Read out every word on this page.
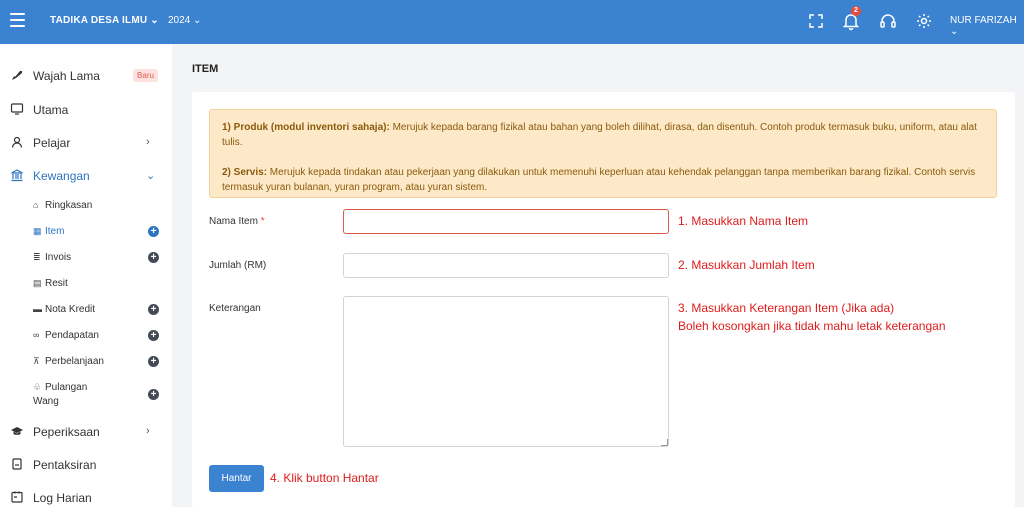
TADIKA DESA ILMU ⌄ 2024 ⌄
2
NUR FARIZAH ⌄
Wajah Lama	Baru
Utama
Pelajar	›
Kewangan	⌄
⌂ Ringkasan
▦ Item	+
≣ Invois	+
▤ Resit
▬ Nota Kredit	+
∞ Pendapatan	+
⊼ Perbelanjaan	+
♧ Pulangan
Wang
+
Peperiksaan	›
Pentaksiran
Log Harian
ITEM

1) Produk (modul inventori sahaja): Merujuk kepada barang fizikal atau bahan yang boleh dilihat, dirasa, dan disentuh. Contoh produk termasuk buku, uniform, atau alat tulis.

2) Servis: Merujuk kepada tindakan atau pekerjaan yang dilakukan untuk memenuhi keperluan atau kehendak pelanggan tanpa memberikan barang fizikal. Contoh servis termasuk yuran bulanan, yuran program, atau yuran sistem.

Nama Item *	1. Masukkan Nama Item
Jumlah (RM)	2. Masukkan Jumlah Item
Keterangan	3. Masukkan Keterangan Item (Jika ada)
Boleh kosongkan jika tidak mahu letak keterangan
Hantar	4. Klik button Hantar
